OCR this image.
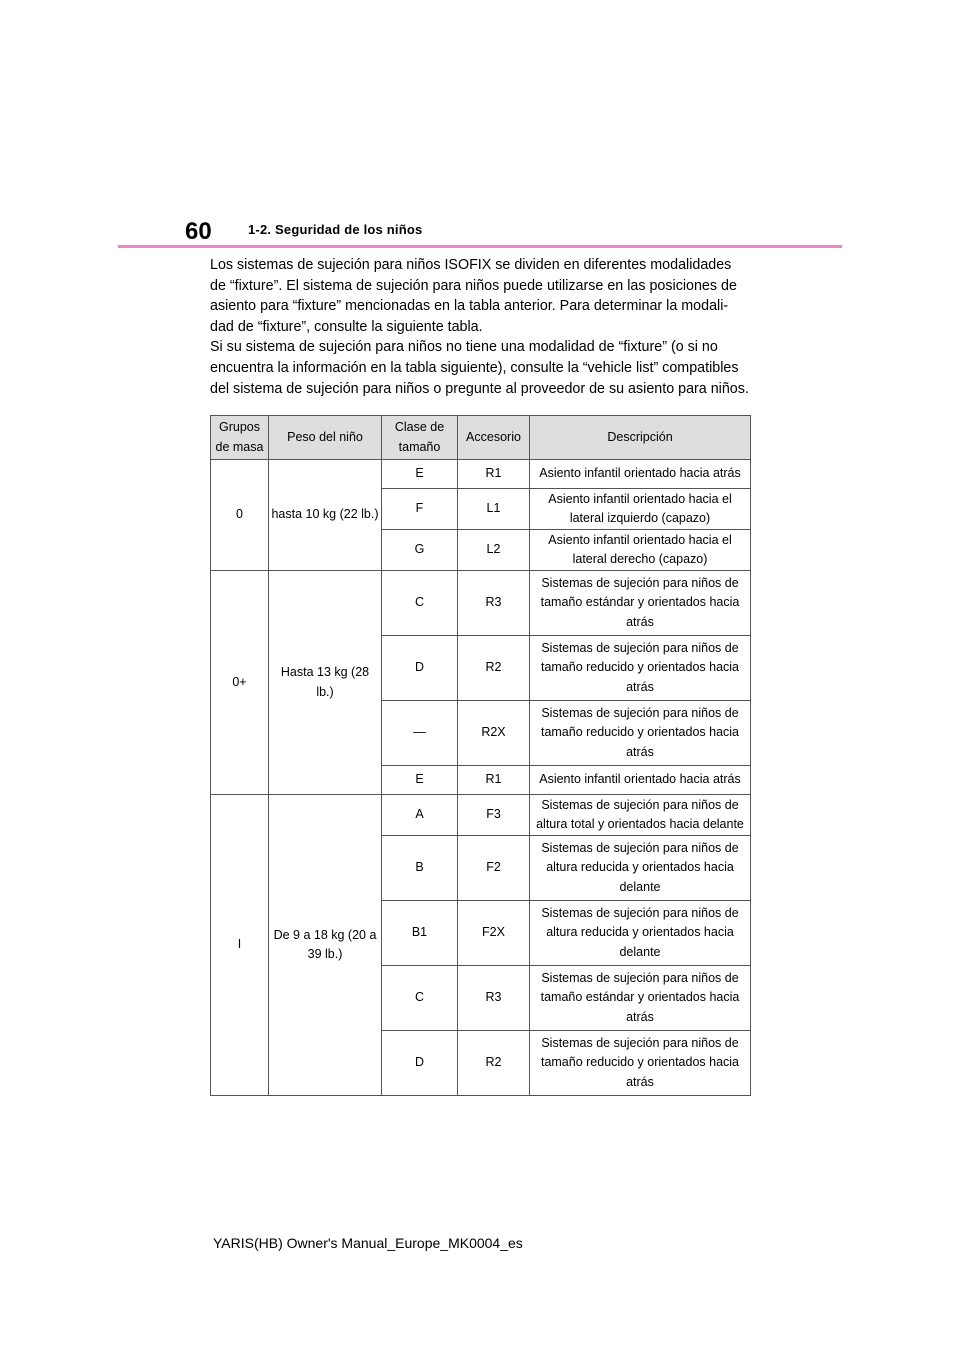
60	1-2. Seguridad de los niños

Los sistemas de sujeción para niños ISOFIX se dividen en diferentes modalidades de “fixture”. El sistema de sujeción para niños puede utilizarse en las posiciones de asiento para “fixture” mencionadas en la tabla anterior. Para determinar la modali-dad de “fixture”, consulte la siguiente tabla.

Si su sistema de sujeción para niños no tiene una modalidad de “fixture” (o si no encuentra la información en la tabla siguiente), consulte la “vehicle list” compatibles del sistema de sujeción para niños o pregunte al proveedor de su asiento para niños.

Grupos de masa	Peso del niño	Clase de tamaño	Accesorio	Descripción
0	hasta 10 kg (22 lb.)	E	R1	Asiento infantil orientado hacia atrás
		F	L1	Asiento infantil orientado hacia el lateral izquierdo (capazo)
		G	L2	Asiento infantil orientado hacia el lateral derecho (capazo)
0+	Hasta 13 kg (28 lb.)	C	R3	Sistemas de sujeción para niños de tamaño estándar y orientados hacia atrás
		D	R2	Sistemas de sujeción para niños de tamaño reducido y orientados hacia atrás
		—	R2X	Sistemas de sujeción para niños de tamaño reducido y orientados hacia atrás
		E	R1	Asiento infantil orientado hacia atrás
I	De 9 a 18 kg (20 a 39 lb.)	A	F3	Sistemas de sujeción para niños de altura total y orientados hacia delante
		B	F2	Sistemas de sujeción para niños de altura reducida y orientados hacia delante
		B1	F2X	Sistemas de sujeción para niños de altura reducida y orientados hacia delante
		C	R3	Sistemas de sujeción para niños de tamaño estándar y orientados hacia atrás
		D	R2	Sistemas de sujeción para niños de tamaño reducido y orientados hacia atrás
YARIS(HB) Owner's Manual_Europe_MK0004_es
